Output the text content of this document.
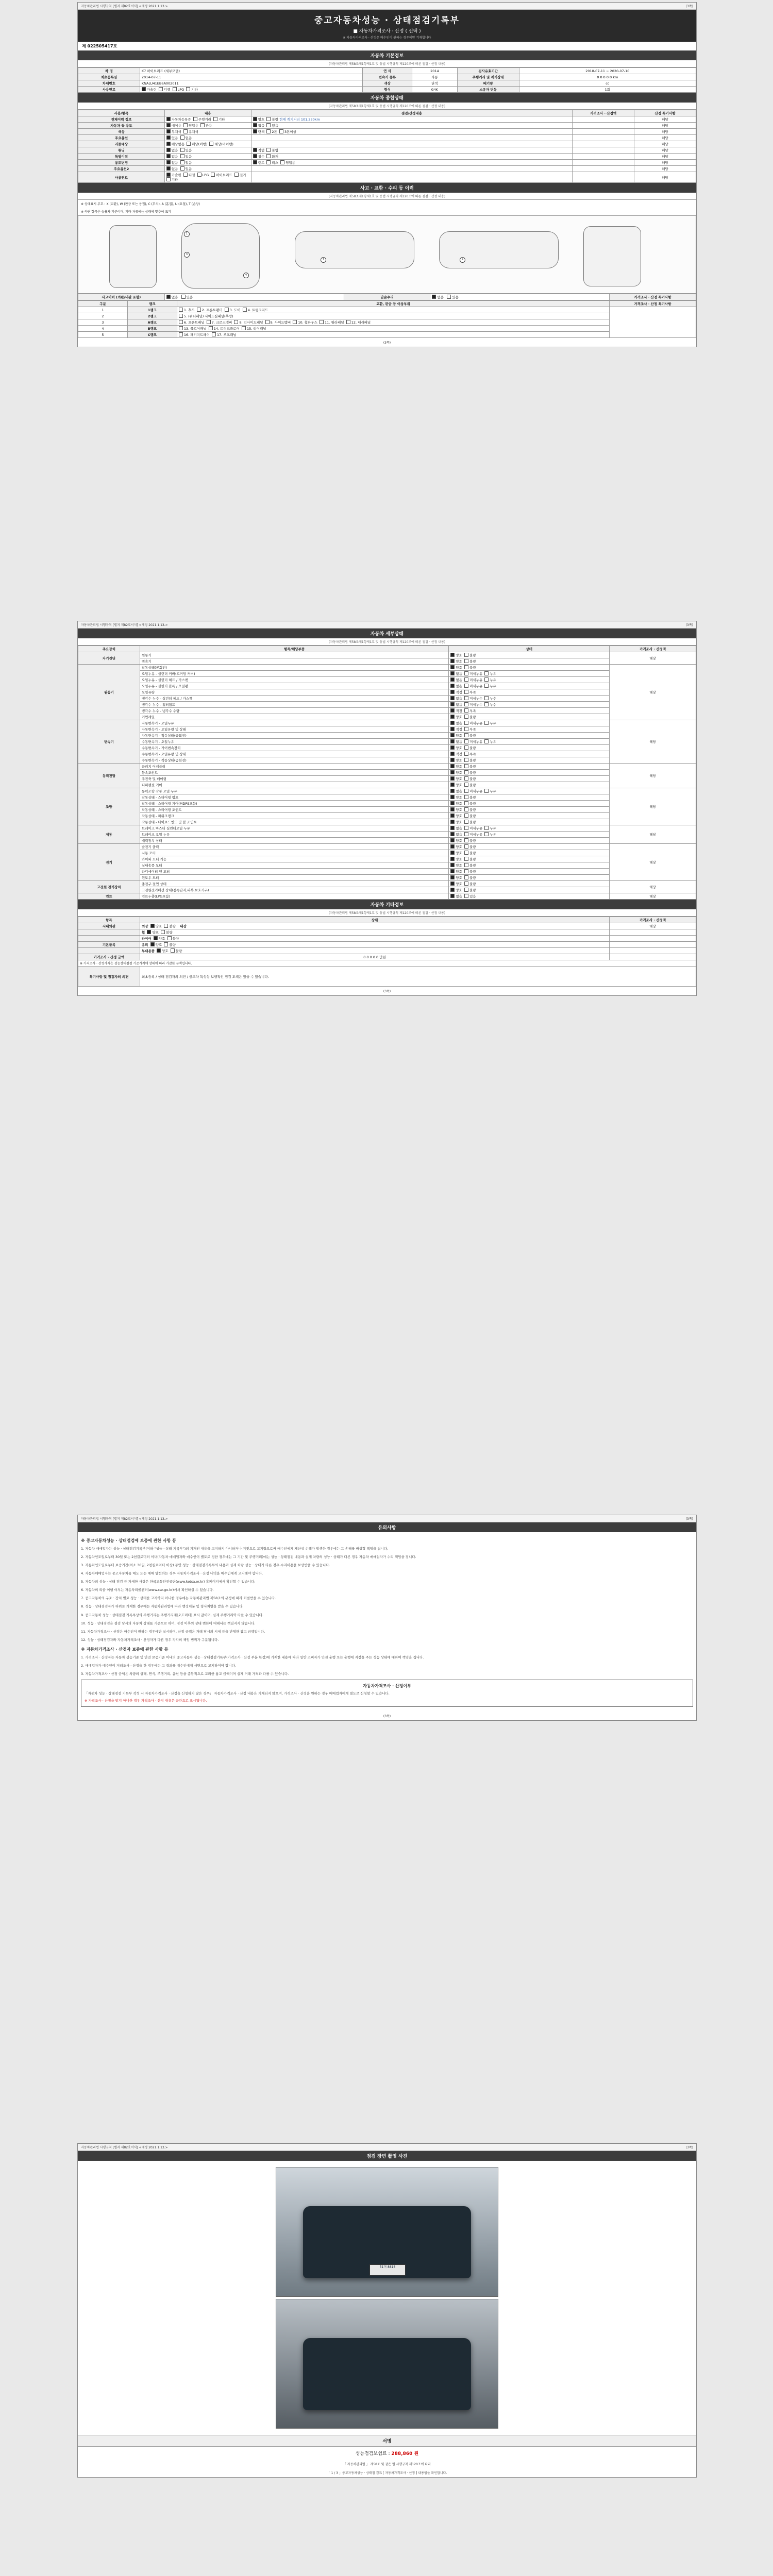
자동차관리법 시행규칙 [별지 제82호서식] <개정 2021.1.13.>	(3쪽)
중고자동차성능 · 상태점검기록부
■ 자동차가격조사 · 산정 ( 선택 )
※ 자동차가격조사 · 산정은 매수인이 원하는 경우에만 기재합니다
제 022505417호
자동차 기본정보
(자동차관리법 제58조제1항제1호 및 동법 시행규칙 제120조에 따른 점검 · 산정 내용)
차 명	K7 하이브리드 (세부모델)	연 식	2014	검사유효기간	2018-07-11 ~ 2020-07-10
최초등록일	2014-07-11	변속기 종류	자동	주행거리 및 계기상태	0 0 0 0 0 km
차대번호	KNALU41EB6A002011	색상	단색	배기량	cc
사용연료	가솔린 디젤 LPG 기타	형식	G4K	소유자 변동	1회
자동차 종합상태
(자동차관리법 제58조제1항제1호 및 동법 시행규칙 제120조에 따른 점검 · 산정 내용)
사용/항목	내용	점검/산정내용	가격조사 · 산정액	산정 특기사항
전체이력 정보	자동차등록증 주행거리 기타	양호 불량 현재 계기거리 101,230km		해당
자동차 등 용도	대여용 영업용 관용	없음 있음		해당
색상	무채색 유채색	단색 2톤 3톤이상		해당
주요옵션	있음 없음			해당
리콜대상	해당없음 해당(이행) 해당(미이행)			해당
튜닝	없음 있음	적법 불법		해당
특별이력	없음 있음	침수 화재		해당
용도변경	없음 있음	렌트 리스 영업용		해당
주요옵션2	없음 있음			해당
사용연료	가솔린 디젤 LPG 하이브리드 전기  기타			해당
사고 · 교환 · 수리 등 이력
(자동차관리법 제58조제1항제1호 및 동법 시행규칙 제120조에 따른 점검 · 산정 내용)
※ 상태표시 부호 : X (교환), W (판금 또는 용접), C (부식), A (흠집), U (요철), T (손상)
※ 하단 항목은 승용차 기준이며, 기타 차종에는 상태에 맞추어 표기
1
3
4
7	9
사고이력 (외판/내판 포함)	없음 있음	단순수리	없음 있음	가격조사 · 산정 특기사항
구분	랭크	교환, 판금 등 이상부위	가격조사 · 산정 특기사항
1	1랭크	1. 후드 2. 프론트팬더 3. 도어 4. 트렁크리드	
2	2랭크	5. (쿼터패널) 사이드실패널(후방)	
3	A랭크	6. 프론트패널 7. 크로스멤버 8. 인사이드패널 9. 사이드멤버 10. 휠하우스 11. 필라패널 12. 대쉬패널	
4	B랭크	13. 플로어패널 14. 트렁크플로어 15. 리어패널	
5	C랭크	16. 패키지트레이 17. 루프패널	
(3쪽)
자동차관리법 시행규칙 [별지 제82호서식] <개정 2021.1.13.>	(3쪽)
자동차 세부상태
(자동차관리법 제58조제1항제1호 및 동법 시행규칙 제120조에 따른 점검 · 산정 내용)
주요장치	항목/해당부품	상태	가격조사 · 산정액
자기진단	원동기	양호 불량	해당
	변속기	양호 불량	
원동기	작동상태(공회전)	양호 불량	해당
	오일누유 - 실린더 커버(로커암 커버)	없음 미세누유 누유	
	오일누유 - 실린더 헤드 / 가스켓	없음 미세누유 누유	
	오일누유 - 실린더 블록 / 오일팬	없음 미세누유 누유	
	오일유량	적정 부족	
	냉각수 누수 - 실린더 헤드 / 가스켓	없음 미세누수 누수	
	냉각수 누수 - 워터펌프	없음 미세누수 누수	
	냉각수 누수 - 냉각수 수량	적정 부족	
	커먼레일	양호 불량	
변속기	자동변속기 - 오일누유	없음 미세누유 누유	해당
	자동변속기 - 오일유량 및 상태	적정 부족	
	자동변속기 - 작동상태(공회전)	양호 불량	
	수동변속기 - 오일누유	없음 미세누유 누유	
	수동변속기 - 기어변속장치	양호 불량	
	수동변속기 - 오일유량 및 상태	적정 부족	
	수동변속기 - 작동상태(공회전)	양호 불량	
동력전달	클러치 어셈블리	양호 불량	해당
	등속조인트	양호 불량	
	추진축 및 베어링	양호 불량	
	디퍼렌셜 기어	양호 불량	
조향	동력조향 작동 오일 누유	없음 미세누유 누유	해당
	작동상태 - 스티어링 펌프	양호 불량	
	작동상태 - 스티어링 기어(MDPS포함)	양호 불량	
	작동상태 - 스티어링 조인트	양호 불량	
	작동상태 - 파워크랭크	양호 불량	
	작동상태 - 타이로드엔드 및 볼 조인트	양호 불량	
제동	브레이크 마스터 실린더오일 누유	없음 미세누유 누유	해당
	브레이크 오일 누유	없음 미세누유 누유	
	배력장치 상태	양호 불량	
전기	발전기 출력	양호 불량	해당
	시동 모터	양호 불량	
	와이퍼 모터 기능	양호 불량	
	실내송풍 모터	양호 불량	
	라디에이터 팬 모터	양호 불량	
	윈도우 모터	양호 불량	
고전원 전기장치	충전구 절연 상태	양호 불량	해당
	고전원전기배선 상태(접속단자,피복,보호기구)	양호 불량	
연료	연료누출(LPG포함)	없음 있음	해당
자동차 기타정보
(자동차관리법 제58조제1항제1호 및 동법 시행규칙 제120조에 따른 점검 · 산정 내용)
항목	상태	가격조사 · 산정액
시내외관	외장 양호 불량 내장	해당
	휠 양호 불량	
	타이어 양호 불량	
기본품목	유리 양호 불량	
	부대용품 양호 불량	
가격조사 · 산정 금액	0 0 0 0 0 만원	
※ 가격조사 · 산정가격은 성능상태점검 기준가격에 상태에 따라 가감한 금액입니다.		
특기사항 및 점검자의 의견	최초등록 / 상태 점검자의 의견 / 중고차 특성상 보행적인 점검 도색은 있을 수 있습니다.	
(3쪽)
자동차관리법 시행규칙 [별지 제82호서식] <개정 2021.1.13.>	(3쪽)
유의사항
※ 중고자동차성능 · 상태점검에 보증에 관한 사항 등

1. 자동차 매매업자는 성능 · 상태점검기록부(이하 "성능 · 상태 기록부")의 기재된 내용을 고지하지 아니하거나 거짓으로 고지함으로써 매수인에게 재산상 손해가 발생한 경우에는 그 손해를 배상할 책임을 집니다.

2. 자동차인도일로부터 30일 또는 2천킬로미터 이내(자동차 매매업자와 매수인이 별도로 정한 경우에는 그 기간 및 주행거리)에는 성능 · 상태점검 내용과 실제 차량의 성능 · 상태가 다른 경우 자동차 매매업자가 수리 책임을 집니다.

3. 자동차인도일로부터 보증기간(최소 30일, 2천킬로미터 이상) 동안 성능 · 상태점검기록부의 내용과 실제 차량 성능 · 상태가 다른 경우 수리비용을 보상받을 수 있습니다.

4. 자동차매매업자는 중고자동차를 매도 또는 매매 알선하는 경우 자동차가격조사 · 산정 내역을 매수인에게 고지해야 합니다.

5. 자동차의 성능 · 상태 점검 등 자세한 사항은 한국교통안전공단(www.kotsa.or.kr) 홈페이지에서 확인할 수 있습니다.

6. 자동차의 리콜 이행 여부는 자동차리콜센터(www.car.go.kr)에서 확인하실 수 있습니다.

7. 중고자동차의 구조 · 장치 별로 성능 · 상태를 고지하지 아니한 경우에는 자동차관리법 제58조의 규정에 따라 처벌받을 수 있습니다.

8. 성능 · 상태점검자가 허위로 기재한 경우에는 자동차관리법에 따라 행정처분 및 형사처벌을 받을 수 있습니다.

9. 중고자동차 성능 · 상태점검 기록부상의 주행거리는 주행거리계(오도미터) 표시 값이며, 실제 주행거리와 다를 수 있습니다.

10. 성능 · 상태점검은 점검 당시의 자동차 상태를 기준으로 하며, 점검 이후의 상태 변화에 대해서는 책임지지 않습니다.

11. 자동차가격조사 · 산정은 매수인이 원하는 경우에만 실시하며, 산정 금액은 거래 당시의 시세 등을 반영한 참고 금액입니다.

12. 성능 · 상태점검자와 자동차가격조사 · 산정자가 다른 경우 각각의 책임 범위가 구분됩니다.

※ 자동차가격조사 · 산정자 보증에 관한 사항 등

1. 가격조사 · 산정자는 자동차 성능기준 및 안전 보증기준 이내의 중고자동차 성능 · 상태점검기록부(가격조사 · 산정 부분 한정)에 기재한 내용에 따라 일반 소비자가 안전 운행 또는 운행에 지장을 주는 성능 상태에 대하여 책임을 집니다.

2. 매매업자가 매수인이 거래조사 · 산정을 한 경우에는 그 결과를 매수인에게 서면으로 고지하여야 합니다.

3. 자동차가격조사 · 산정 금액은 차량의 상태, 연식, 주행거리, 옵션 등을 종합적으로 고려한 참고 금액이며 실제 거래 가격과 다를 수 있습니다.

자동차가격조사 · 산정여부
「자동차 성능 · 상태점검 기록부 작성 시 자동차가격조사 · 산정을 신청하지 않은 경우」 자동차가격조사 · 산정 내용은 기재되지 않으며, 가격조사 · 산정을 원하는 경우 매매업자에게 별도로 신청할 수 있습니다.
※ 가격조사 · 산정을 받지 아니한 경우 가격조사 · 산정 내용은 공란으로 표시됩니다.
(3쪽)
자동차관리법 시행규칙 [별지 제82호서식] <개정 2021.1.13.>	(3쪽)
점검 장면 촬영 사진
51머 8818
서명
성능점검보험료 : 288,860 원
「 자동차관리법 」 제58조 및 같은 법 시행규칙 제120조에 따라
「 1 / 3 」중고자동차성능 · 상태점 검표 [ 자동차가격조사 · 산정 ] 내용임을 확인합니다.
